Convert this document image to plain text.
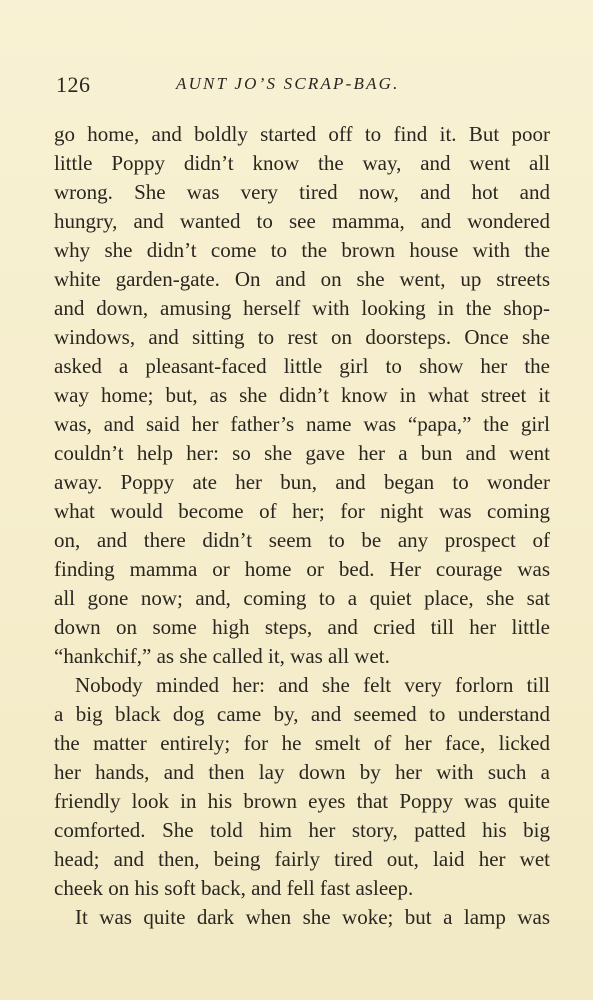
126	AUNT JO’S SCRAP-BAG.
go home, and boldly started off to find it. But poor
little Poppy didn’t know the way, and went all
wrong. She was very tired now, and hot and
hungry, and wanted to see mamma, and wondered
why she didn’t come to the brown house with the
white garden-gate. On and on she went, up streets
and down, amusing herself with looking in the shop-
windows, and sitting to rest on doorsteps. Once she
asked a pleasant-faced little girl to show her the
way home; but, as she didn’t know in what street it
was, and said her father’s name was “papa,” the girl
couldn’t help her: so she gave her a bun and went
away. Poppy ate her bun, and began to wonder
what would become of her; for night was coming
on, and there didn’t seem to be any prospect of
finding mamma or home or bed. Her courage was
all gone now; and, coming to a quiet place, she sat
down on some high steps, and cried till her little
“hankchif,” as she called it, was all wet.
Nobody minded her: and she felt very forlorn till
a big black dog came by, and seemed to understand
the matter entirely; for he smelt of her face, licked
her hands, and then lay down by her with such a
friendly look in his brown eyes that Poppy was quite
comforted. She told him her story, patted his big
head; and then, being fairly tired out, laid her wet
cheek on his soft back, and fell fast asleep.
It was quite dark when she woke; but a lamp was
